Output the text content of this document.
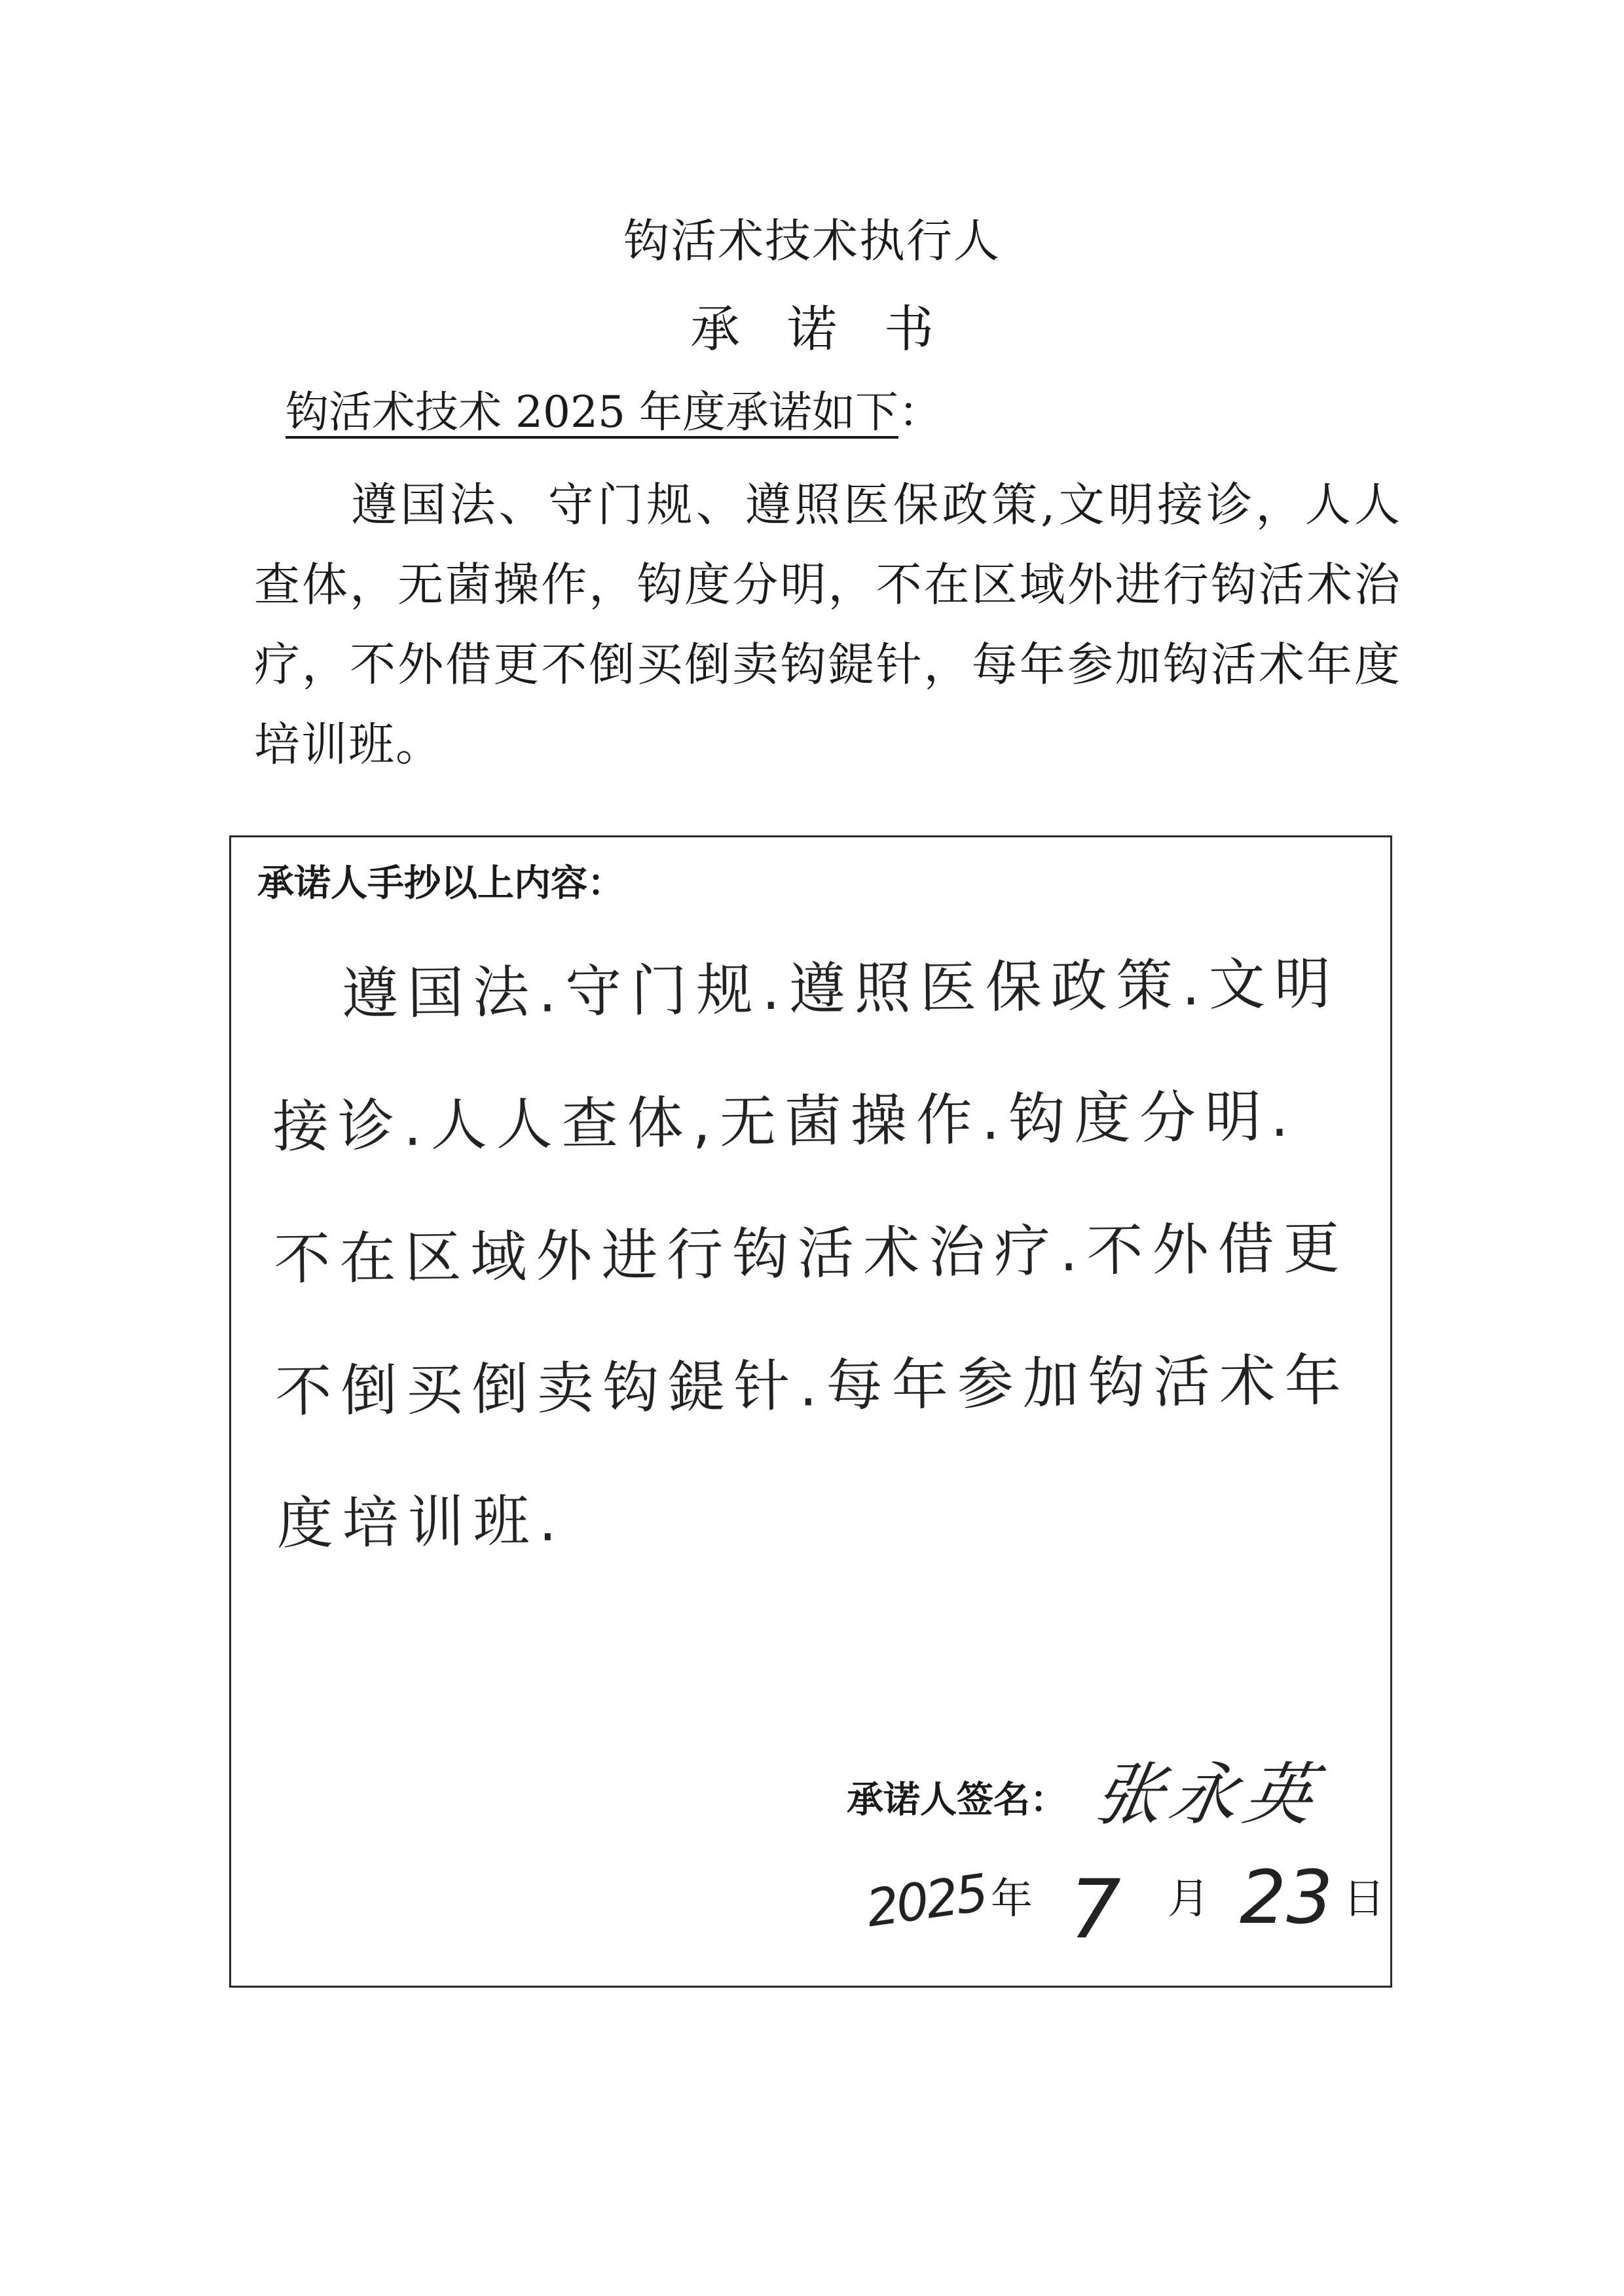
钩活术技术执行人
承诺书
钩活术技术 2025 年度承诺如下：

遵国法、守门规、遵照医保政策,文明接诊，人人查体，无菌操作，钩度分明，不在区域外进行钩活术治疗，不外借更不倒买倒卖钩鍉针，每年参加钩活术年度培训班。

承诺人手抄以上内容：

遵国法.守门规.遵照医保政策.文明接诊.人人查体,无菌操作.钩度分明.不在区域外进行钩活术治疗.不外借更不倒买倒卖钩鍉针.每年参加钩活术年度培训班.

承诺人签名： 张永英
2025 年 7 月 23 日
